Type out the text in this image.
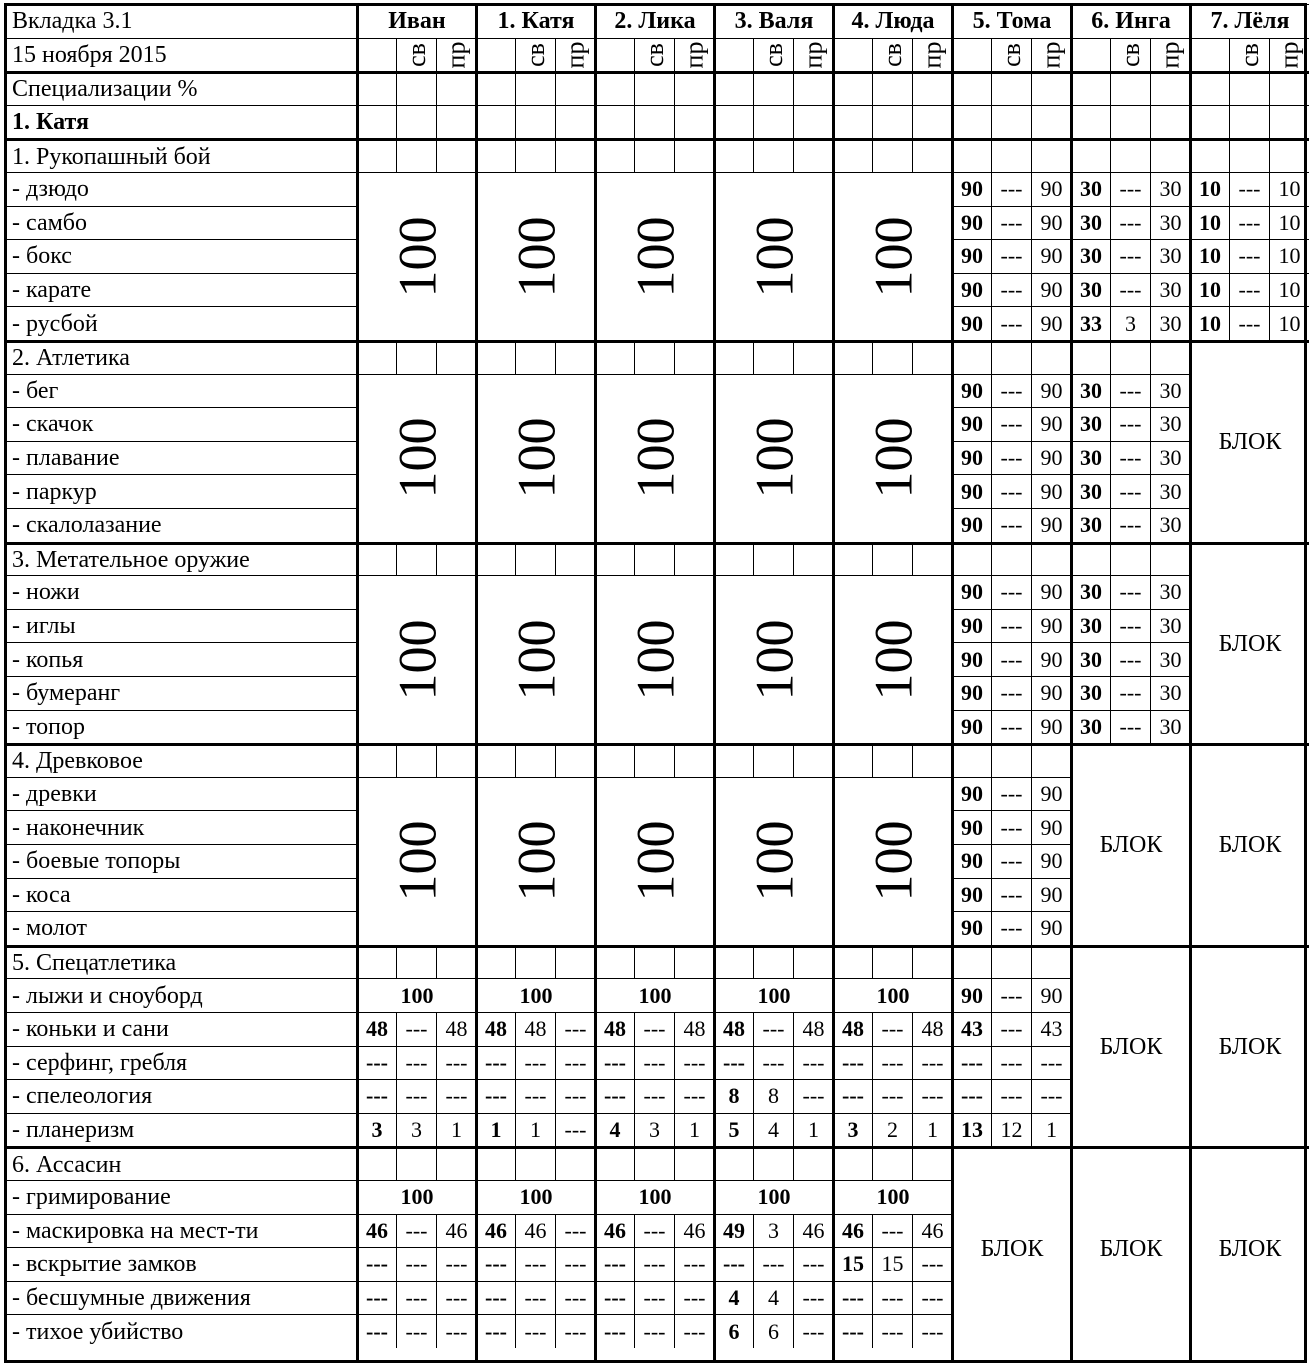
Вкладка 3.1
15 ноября 2015
Иван
св пр
1. Катя
св пр
2. Лика
св пр
3. Валя
св пр
4. Люда
св пр
5. Тома
св пр
6. Инга
св пр
7. Лёля
св пр
Специализации %
1. Катя
1. Рукопашный бой
- дзюдо
- самбо
- бокс
- карате
- русбой
100 100 100 100 100
90 --- 90
90 --- 90
90 --- 90
90 --- 90
90 --- 90
30 --- 30
30 --- 30
30 --- 30
30 --- 30
33 3 30
10 --- 10
10 --- 10
10 --- 10
10 --- 10
10 --- 10
2. Атлетика
- бег
- скачок
- плавание
- паркур
- скалолазание
100 100 100 100 100
90 --- 90
90 --- 90
90 --- 90
90 --- 90
90 --- 90
30 --- 30
30 --- 30
30 --- 30
30 --- 30
30 --- 30
БЛОК
3. Метательное оружие
- ножи
- иглы
- копья
- бумеранг
- топор
100 100 100 100 100
90 --- 90
90 --- 90
90 --- 90
90 --- 90
90 --- 90
30 --- 30
30 --- 30
30 --- 30
30 --- 30
30 --- 30
БЛОК
4. Древковое
- древки
- наконечник
- боевые топоры
- коса
- молот
100 100 100 100 100
90 --- 90
90 --- 90
90 --- 90
90 --- 90
90 --- 90
БЛОК БЛОК
5. Спецатлетика
- лыжи и сноуборд
- коньки и сани
- серфинг, гребля
- спелеология
- планеризм
100
48 --- 48
--- --- ---
--- --- ---
3 3 1
100
48 48 ---
--- --- ---
--- --- ---
1 1 ---
100
48 --- 48
--- --- ---
--- --- ---
4 3 1
100
48 --- 48
--- --- ---
8 8 ---
5 4 1
100
48 --- 48
--- --- ---
--- --- ---
3 2 1
90 --- 90
43 --- 43
--- --- ---
--- --- ---
13 12 1
БЛОК БЛОК
6. Ассасин
- гримирование
- маскировка на мест-ти
- вскрытие замков
- бесшумные движения
- тихое убийство
100
46 --- 46
--- --- ---
--- --- ---
--- --- ---
100
46 46 ---
--- --- ---
--- --- ---
--- --- ---
100
46 --- 46
--- --- ---
--- --- ---
--- --- ---
100
49 3 46
--- --- ---
4 4 ---
6 6 ---
100
46 --- 46
15 15 ---
--- --- ---
--- --- ---
БЛОК БЛОК БЛОК
